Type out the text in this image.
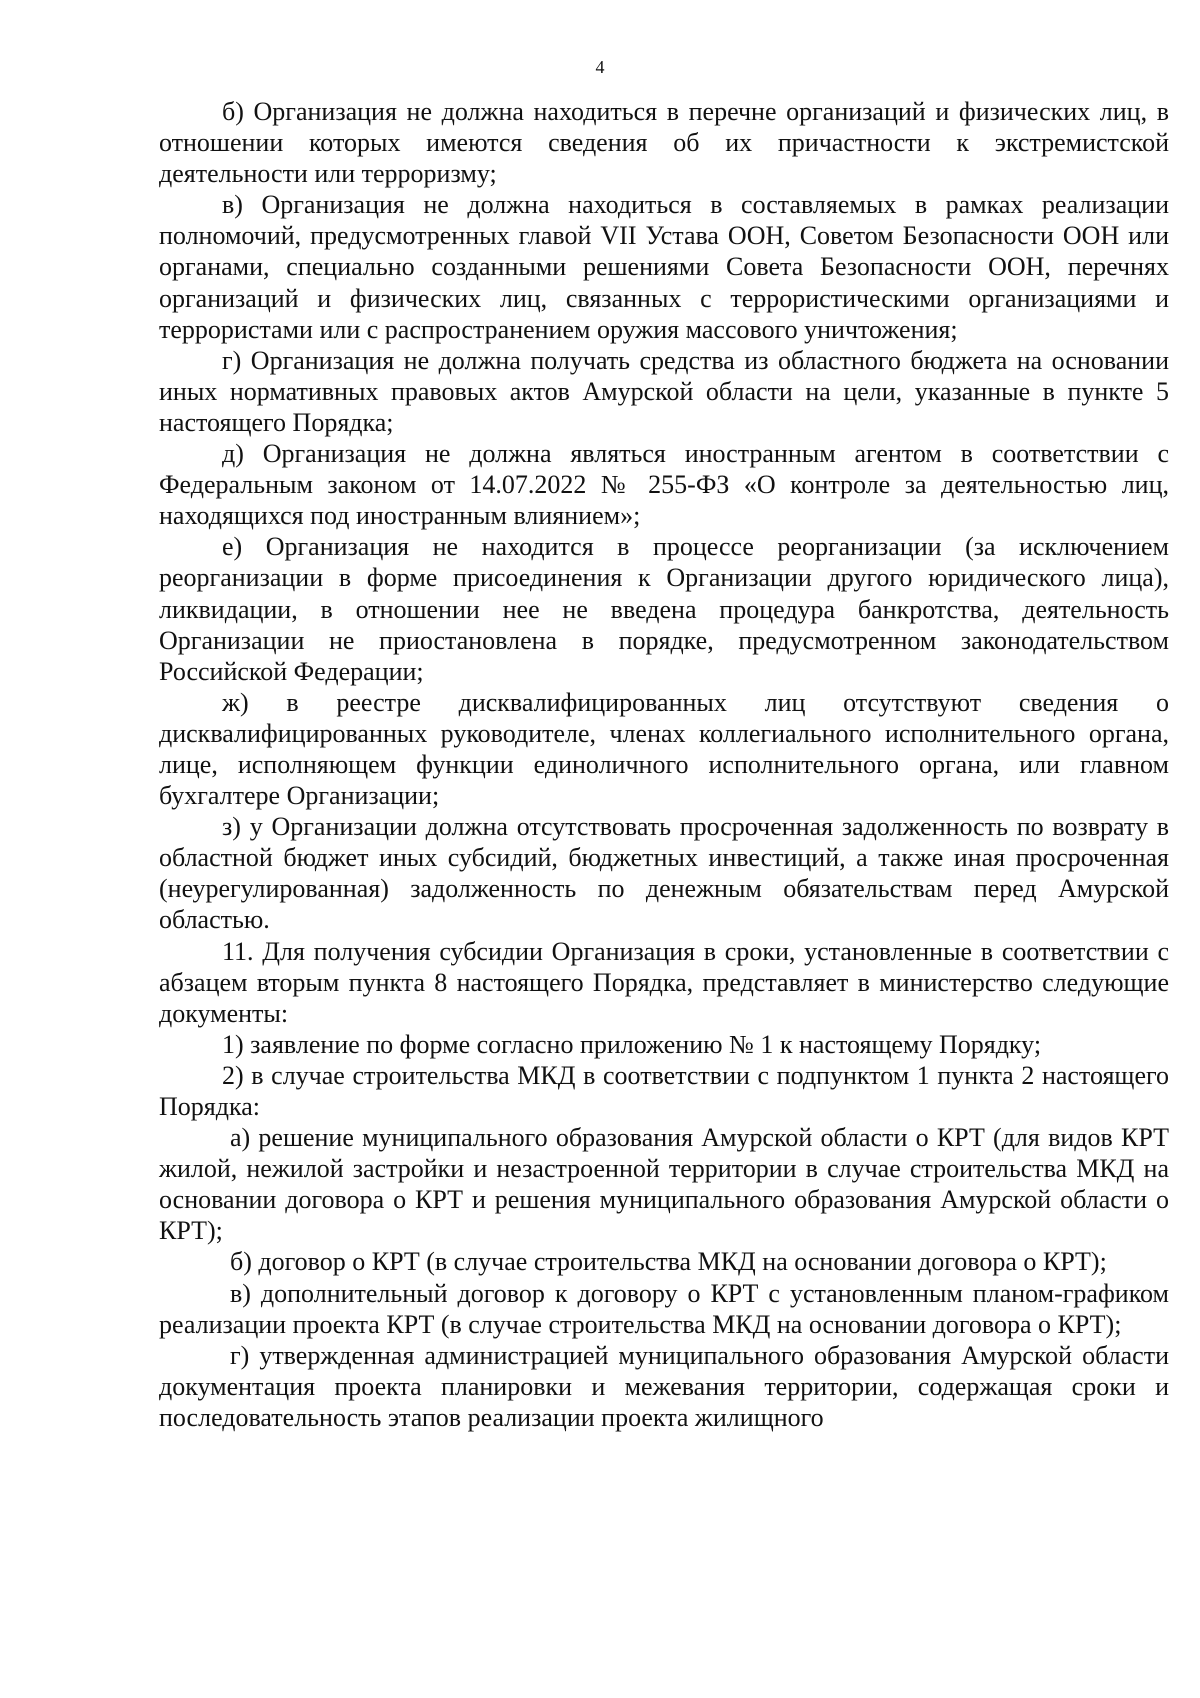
4

б) Организация не должна находиться в перечне организаций и физических лиц, в отношении которых имеются сведения об их причастности к экстремистской деятельности или терроризму;

в) Организация не должна находиться в составляемых в рамках реализации полномочий, предусмотренных главой VII Устава ООН, Советом Безопасности ООН или органами, специально созданными решениями Совета Безопасности ООН, перечнях организаций и физических лиц, связанных с террористическими организациями и террористами или с распространением оружия массового уничтожения;

г) Организация не должна получать средства из областного бюджета на основании иных нормативных правовых актов Амурской области на цели, указанные в пункте 5 настоящего Порядка;

д) Организация не должна являться иностранным агентом в соответствии с Федеральным законом от 14.07.2022 № 255-ФЗ «О контроле за деятельностью лиц, находящихся под иностранным влиянием»;

е) Организация не находится в процессе реорганизации (за исключением реорганизации в форме присоединения к Организации другого юридического лица), ликвидации, в отношении нее не введена процедура банкротства, деятельность Организации не приостановлена в порядке, предусмотренном законодательством Российской Федерации;

ж) в реестре дисквалифицированных лиц отсутствуют сведения о дисквалифицированных руководителе, членах коллегиального исполнительного органа, лице, исполняющем функции единоличного исполнительного органа, или главном бухгалтере Организации;

з) у Организации должна отсутствовать просроченная задолженность по возврату в областной бюджет иных субсидий, бюджетных инвестиций, а также иная просроченная (неурегулированная) задолженность по денежным обязательствам перед Амурской областью.

11. Для получения субсидии Организация в сроки, установленные в соответствии с абзацем вторым пункта 8 настоящего Порядка, представляет в министерство следующие документы:

1) заявление по форме согласно приложению № 1 к настоящему Порядку;

2) в случае строительства МКД в соответствии с подпунктом 1 пункта 2 настоящего Порядка:

а) решение муниципального образования Амурской области о КРТ (для видов КРТ жилой, нежилой застройки и незастроенной территории в случае строительства МКД на основании договора о КРТ и решения муниципального образования Амурской области о КРТ);

б) договор о КРТ (в случае строительства МКД на основании договора о КРТ);

в) дополнительный договор к договору о КРТ с установленным планом-графиком реализации проекта КРТ (в случае строительства МКД на основании договора о КРТ);

г) утвержденная администрацией муниципального образования Амурской области документация проекта планировки и межевания территории, содержащая сроки и последовательность этапов реализации проекта жилищного
